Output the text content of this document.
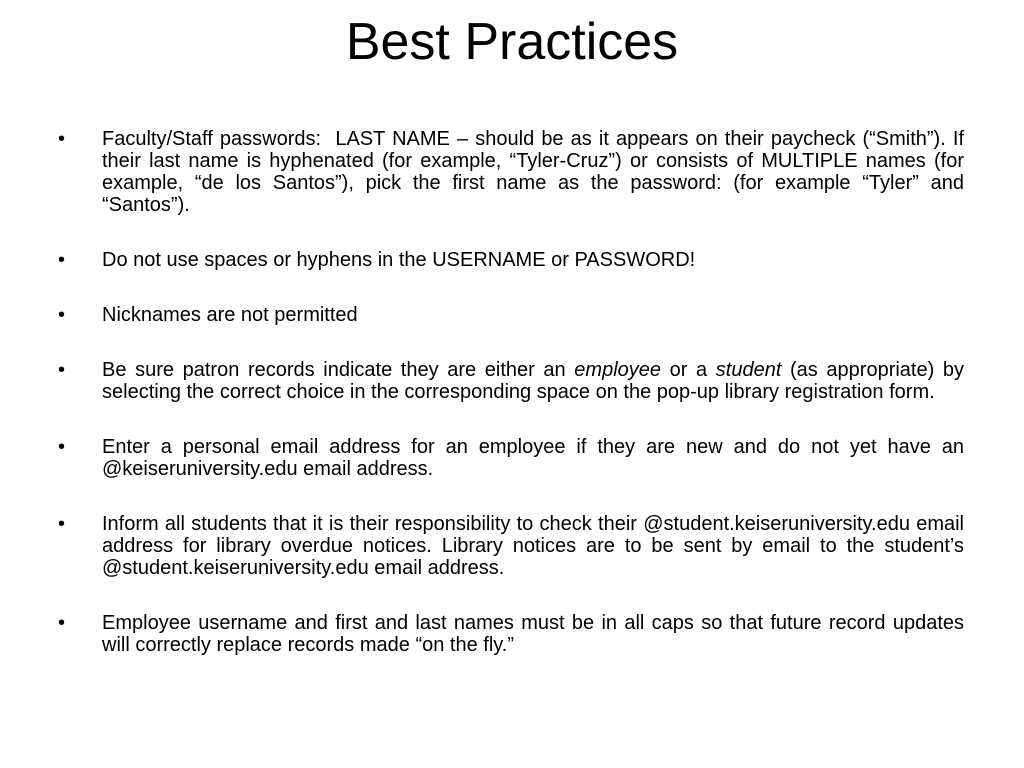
Best Practices
•	Faculty/Staff passwords: LAST NAME – should be as it appears on their paycheck (“Smith”). If their last name is hyphenated (for example, “Tyler-Cruz”) or consists of MULTIPLE names (for example, “de los Santos”), pick the first name as the password: (for example “Tyler” and “Santos”).
•	Do not use spaces or hyphens in the USERNAME or PASSWORD!
•	Nicknames are not permitted
•	Be sure patron records indicate they are either an employee or a student (as appropriate) by selecting the correct choice in the corresponding space on the pop-up library registration form.
•	Enter a personal email address for an employee if they are new and do not yet have an @keiseruniversity.edu email address.
•	Inform all students that it is their responsibility to check their @student.keiseruniversity.edu email address for library overdue notices. Library notices are to be sent by email to the student’s @student.keiseruniversity.edu email address.
•	Employee username and first and last names must be in all caps so that future record updates will correctly replace records made “on the fly.”
